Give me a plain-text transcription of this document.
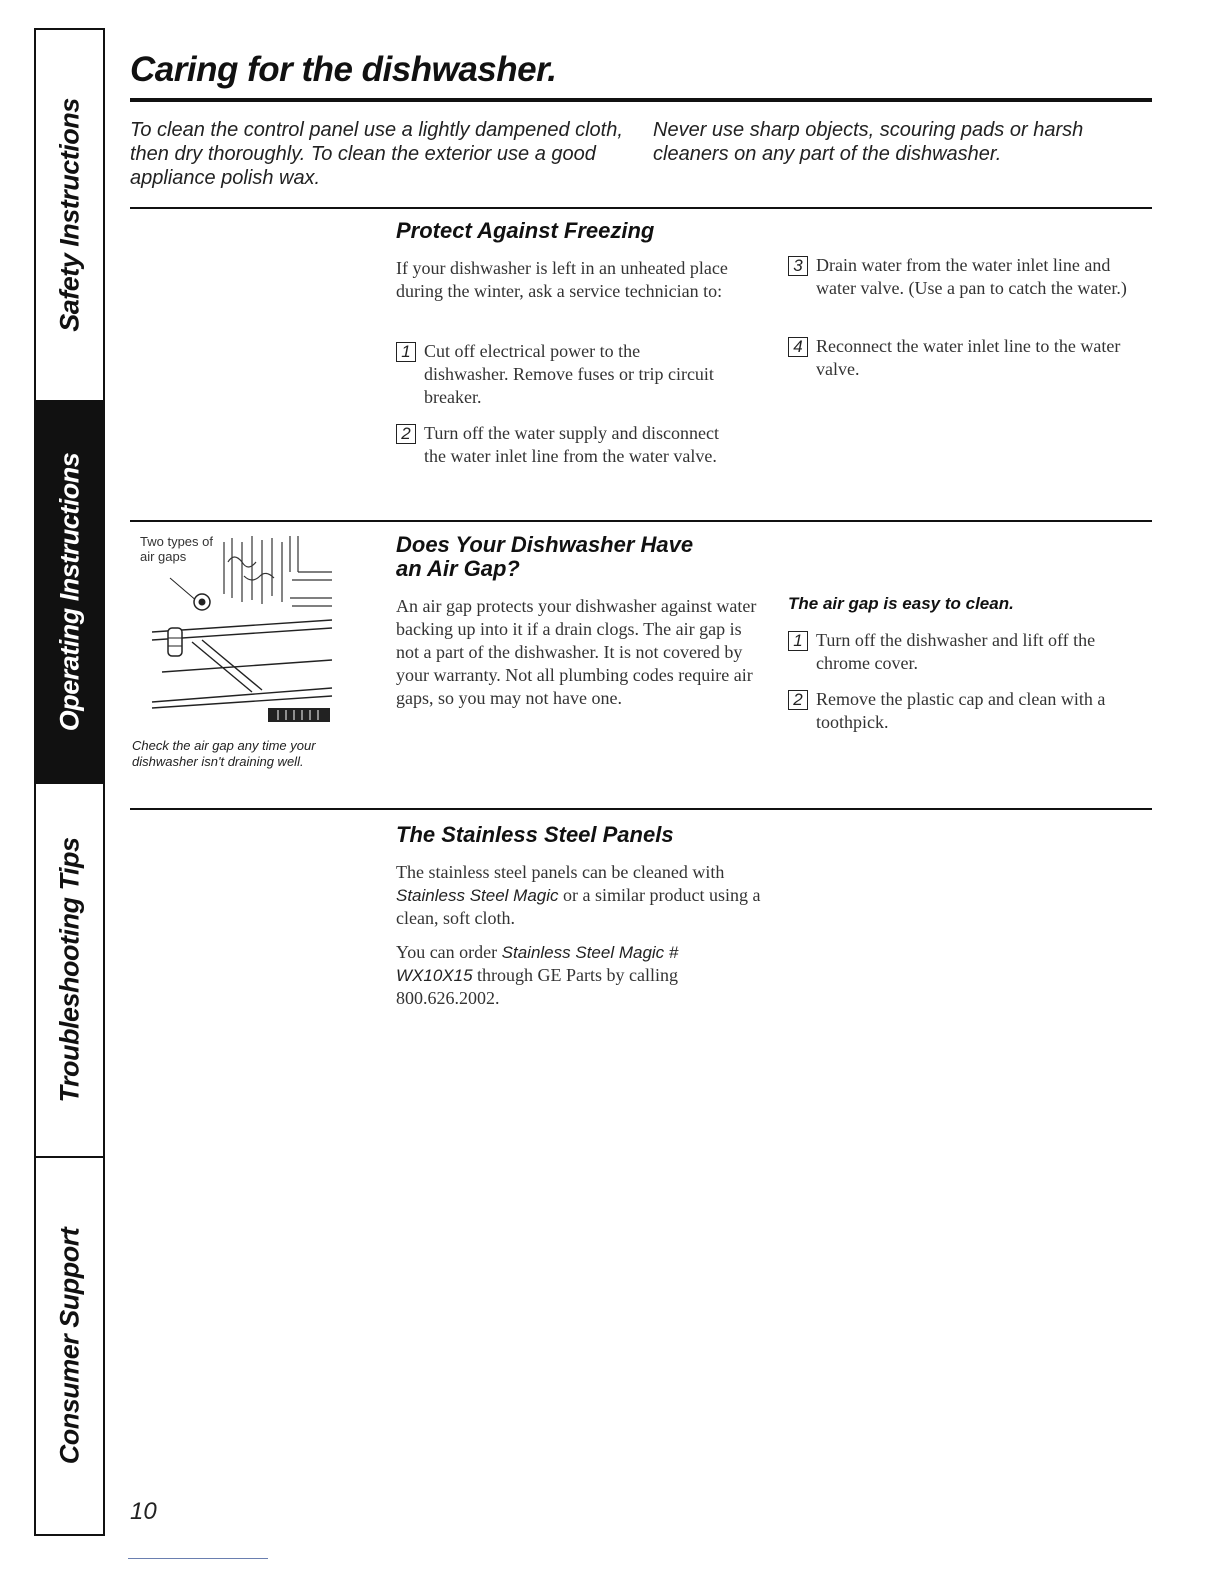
Safety Instructions
Operating Instructions
Troubleshooting Tips
Consumer Support
Caring for the dishwasher.

To clean the control panel use a lightly dampened cloth, then dry thoroughly. To clean the exterior use a good appliance polish wax.

Never use sharp objects, scouring pads or harsh cleaners on any part of the dishwasher.

Protect Against Freezing

If your dishwasher is left in an unheated place during the winter, ask a service technician to:

1 Cut off electrical power to the dishwasher. Remove fuses or trip circuit breaker.

2 Turn off the water supply and disconnect the water inlet line from the water valve.

3 Drain water from the water inlet line and water valve. (Use a pan to catch the water.)

4 Reconnect the water inlet line to the water valve.

Two types of air gaps

Check the air gap any time your dishwasher isn't draining well.

Does Your Dishwasher Have
an Air Gap?

An air gap protects your dishwasher against water backing up into it if a drain clogs. The air gap is not a part of the dishwasher. It is not covered by your warranty. Not all plumbing codes require air gaps, so you may not have one.

The air gap is easy to clean.
1 Turn off the dishwasher and lift off the chrome cover.

2 Remove the plastic cap and clean with a toothpick.

The Stainless Steel Panels

The stainless steel panels can be cleaned with Stainless Steel Magic or a similar product using a clean, soft cloth.

You can order Stainless Steel Magic # WX10X15 through GE Parts by calling 800.626.2002.

10
